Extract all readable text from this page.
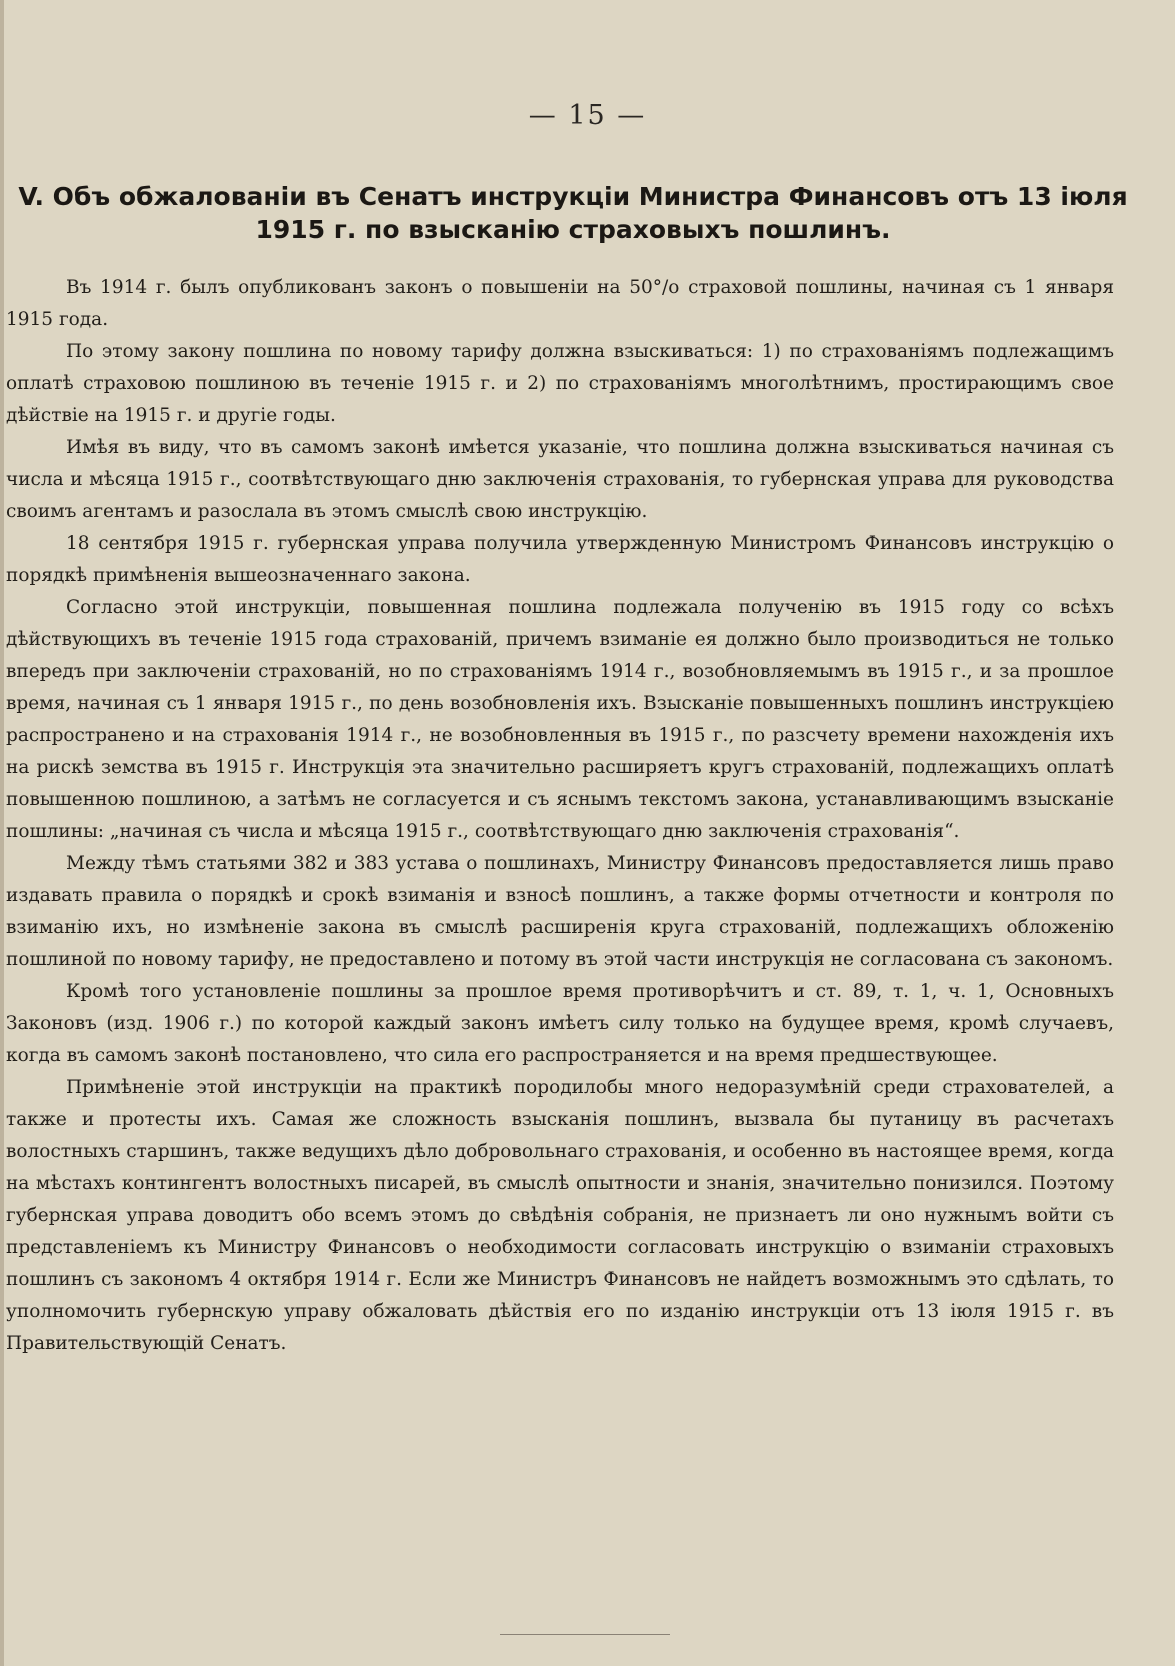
— 15 —
V. Объ обжалованіи въ Сенатъ инструкціи Министра Финансовъ отъ 13 іюля
1915 г. по взысканію страховыхъ пошлинъ.

Въ 1914 г. былъ опубликованъ законъ о повышеніи на 50°/о страховой пошлины, начиная съ 1 января 1915 года.

По этому закону пошлина по новому тарифу должна взыскиваться: 1) по страхованіямъ подлежащимъ оплатѣ страховою пошлиною въ теченіе 1915 г. и 2) по страхованіямъ многолѣтнимъ, простирающимъ свое дѣйствіе на 1915 г. и другіе годы.

Имѣя въ виду, что въ самомъ законѣ имѣется указаніе, что пошлина должна взыскиваться начиная съ числа и мѣсяца 1915 г., соотвѣтствующаго дню заключенія страхованія, то губернская управа для руководства своимъ агентамъ и разослала въ этомъ смыслѣ свою инструкцію.

18 сентября 1915 г. губернская управа получила утвержденную Министромъ Финансовъ инструкцію о порядкѣ примѣненія вышеозначеннаго закона.

Согласно этой инструкціи, повышенная пошлина подлежала полученію въ 1915 году со всѣхъ дѣйствующихъ въ теченіе 1915 года страхованій, причемъ взиманіе ея должно было производиться не только впередъ при заключеніи страхованій, но по страхованіямъ 1914 г., возобновляемымъ въ 1915 г., и за прошлое время, начиная съ 1 января 1915 г., по день возобновленія ихъ. Взысканіе повышенныхъ пошлинъ инструкціею распространено и на страхованія 1914 г., не возобновленныя въ 1915 г., по разсчету времени нахожденія ихъ на рискѣ земства въ 1915 г. Инструкція эта значительно расширяетъ кругъ страхованій, подлежащихъ оплатѣ повышенною пошлиною, а затѣмъ не согласуется и съ яснымъ текстомъ закона, устанавливающимъ взысканіе пошлины: „начиная съ числа и мѣсяца 1915 г., соотвѣтствующаго дню заключенія страхованія“.

Между тѣмъ статьями 382 и 383 устава о пошлинахъ, Министру Финансовъ предоставляется лишь право издавать правила о порядкѣ и срокѣ взиманія и взносѣ пошлинъ, а также формы отчетности и контроля по взиманію ихъ, но измѣненіе закона въ смыслѣ расширенія круга страхованій, подлежащихъ обложенію пошлиной по новому тарифу, не предоставлено и потому въ этой части инструкція не согласована съ закономъ.

Кромѣ того установленіе пошлины за прошлое время противорѣчитъ и ст. 89, т. 1, ч. 1, Основныхъ Законовъ (изд. 1906 г.) по которой каждый законъ имѣетъ силу только на будущее время, кромѣ случаевъ, когда въ самомъ законѣ постановлено, что сила его распространяется и на время предшествующее.

Примѣненіе этой инструкціи на практикѣ породилобы много недоразумѣній среди страхователей, а также и протесты ихъ. Самая же сложность взысканія пошлинъ, вызвала бы путаницу въ расчетахъ волостныхъ старшинъ, также ведущихъ дѣло добровольнаго страхованія, и особенно въ настоящее время, когда на мѣстахъ контингентъ волостныхъ писарей, въ смыслѣ опытности и знанія, значительно понизился. Поэтому губернская управа доводитъ обо всемъ этомъ до свѣдѣнія собранія, не признаетъ ли оно нужнымъ войти съ представленіемъ къ Министру Финансовъ о необходимости согласовать инструкцію о взиманіи страховыхъ пошлинъ съ закономъ 4 октября 1914 г. Если же Министръ Финансовъ не найдетъ возможнымъ это сдѣлать, то уполномочить губернскую управу обжаловать дѣйствія его по изданію инструкціи отъ 13 іюля 1915 г. въ Правительствующій Сенатъ.
